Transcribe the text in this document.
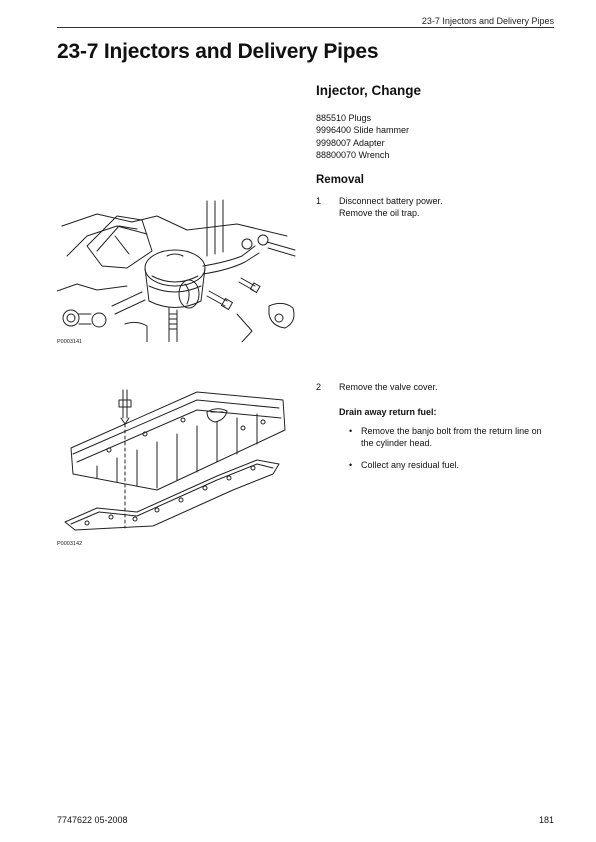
23-7 Injectors and Delivery Pipes
23-7 Injectors and Delivery Pipes
Injector, Change
885510 Plugs
9996400 Slide hammer
9998007 Adapter
88800070 Wrench
Removal
1 Disconnect battery power.
Remove the oil trap.
P0003141
2 Remove the valve cover.
Drain away return fuel:
• Remove the banjo bolt from the return line on the cylinder head.
• Collect any residual fuel.
P0003142
7747622 05-2008	181
